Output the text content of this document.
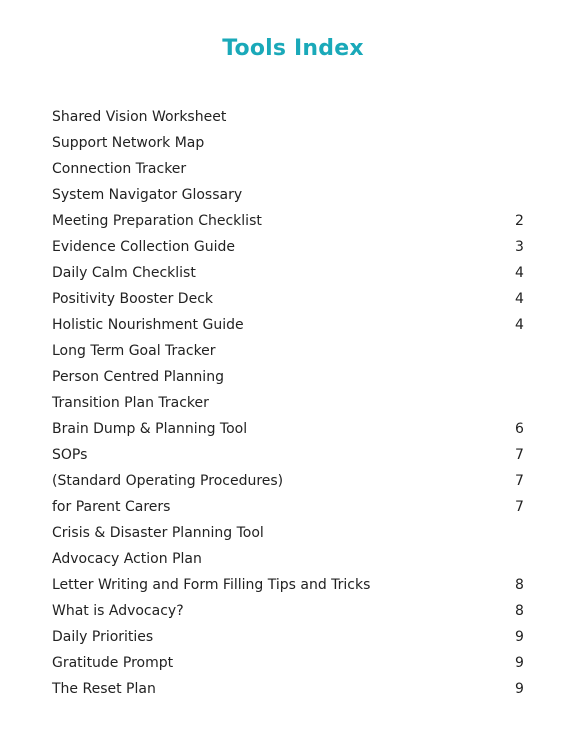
Tools Index
Shared Vision Worksheet
Support Network Map
Connection Tracker
System Navigator Glossary
Meeting Preparation Checklist	2
Evidence Collection Guide	3
Daily Calm Checklist	4
Positivity Booster Deck	4
Holistic Nourishment Guide	4
Long Term Goal Tracker
Person Centred Planning
Transition Plan Tracker
Brain Dump & Planning Tool	6
SOPs	7
(Standard Operating Procedures)	7
for Parent Carers	7
Crisis & Disaster Planning Tool
Advocacy Action Plan
Letter Writing and Form Filling Tips and Tricks	8
What is Advocacy?	8
Daily Priorities	9
Gratitude Prompt	9
The Reset Plan	9
